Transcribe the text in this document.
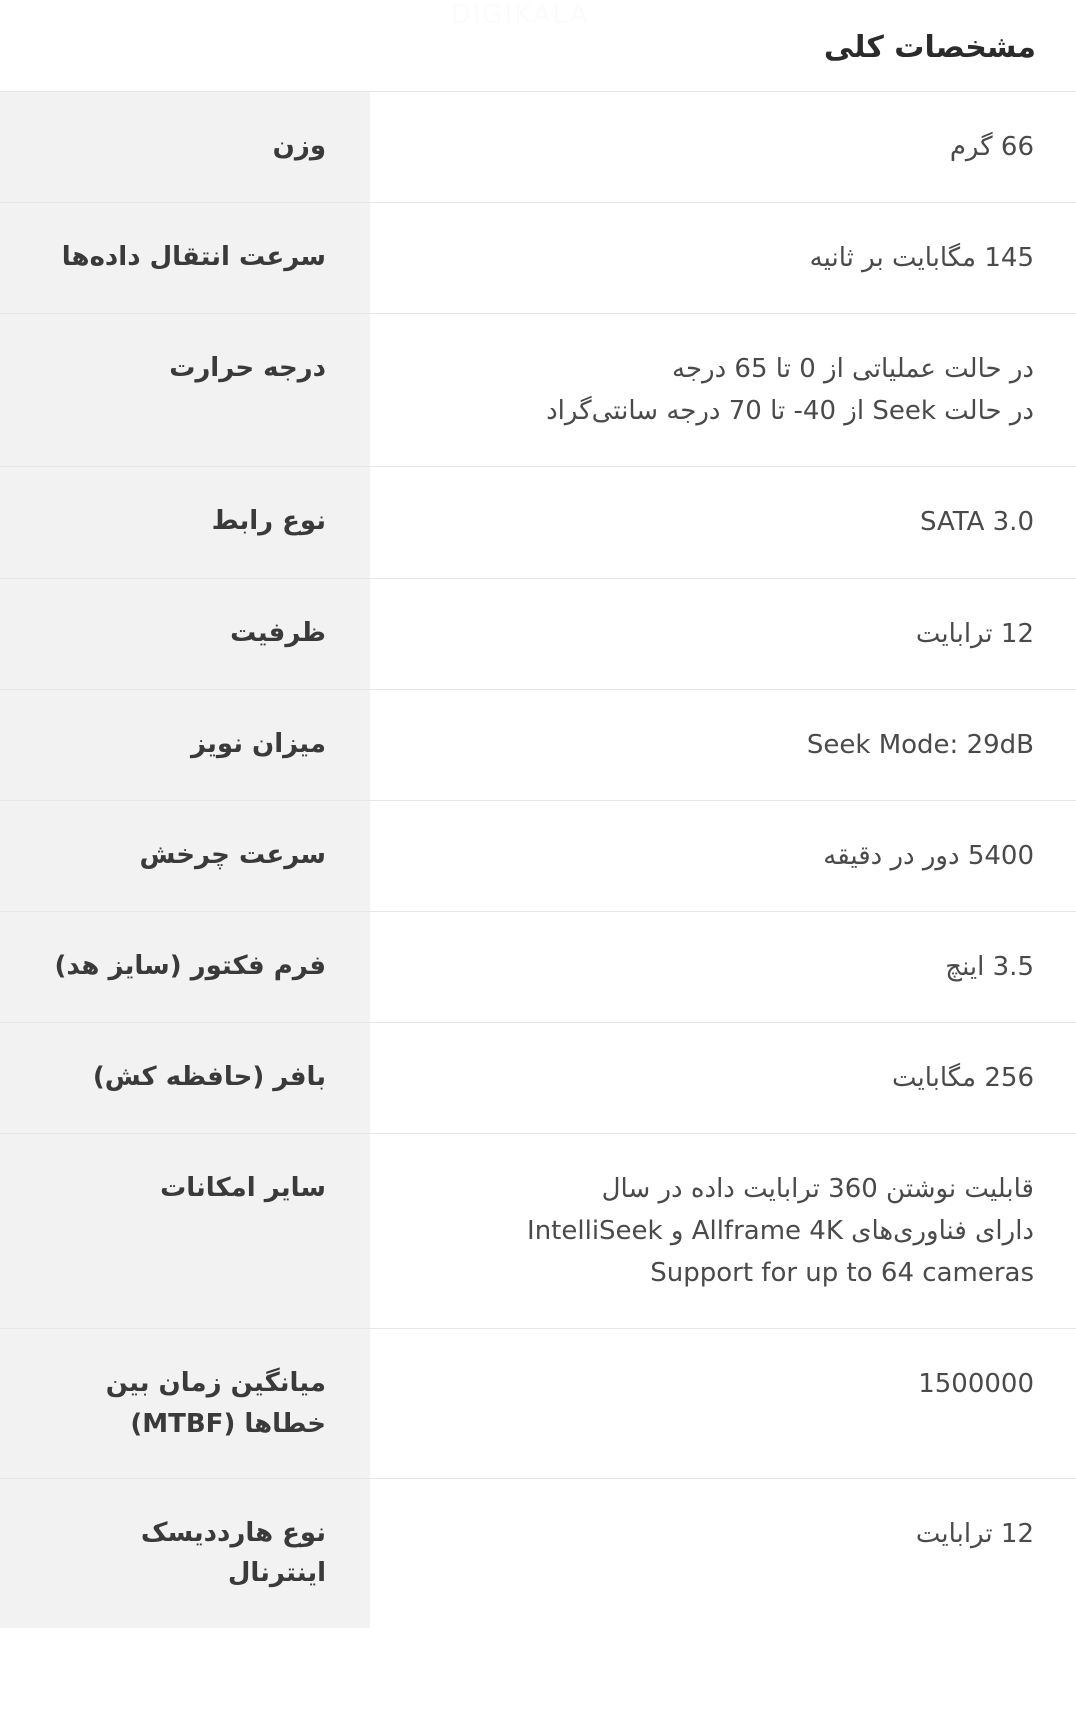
DIGIKALA
مشخصات کلی
66 گرم	وزن

145 مگابایت بر ثانیه	سرعت انتقال داده‌ها

در حالت عملیاتی از 0 تا 65 درجه
در حالت Seek از 40- تا 70 درجه سانتی‌گراد	درجه حرارت

SATA 3.0	نوع رابط

12 ترابایت	ظرفیت

Seek Mode: 29dB	میزان نویز

5400 دور در دقیقه	سرعت چرخش

3.5 اینچ	فرم فکتور (سایز هد)

256 مگابایت	بافر (حافظه کش)

قابلیت نوشتن 360 ترابایت داده در سال
دارای فناوری‌های Allframe 4K و IntelliSeek
Support for up to 64 cameras	سایر امکانات

1500000	میانگین زمان بین خطاها (MTBF)

12 ترابایت	نوع هارددیسک
اینترنال
